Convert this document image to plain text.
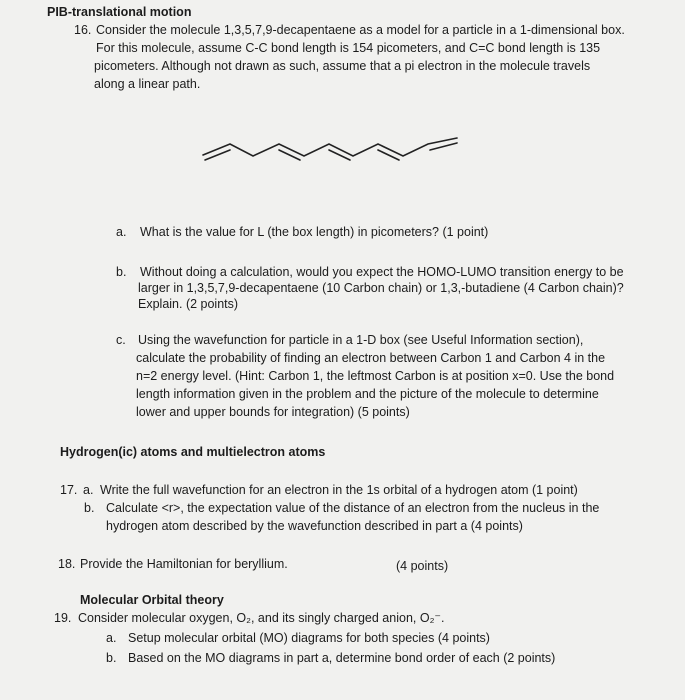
PIB-translational motion
16. Consider the molecule 1,3,5,7,9-decapentaene as a model for a particle in a 1-dimensional box.
For this molecule, assume C-C bond length is 154 picometers, and C=C bond length is 135
picometers. Although not drawn as such, assume that a pi electron in the molecule travels
along a linear path.
a. What is the value for L (the box length) in picometers? (1 point)
b. Without doing a calculation, would you expect the HOMO-LUMO transition energy to be
larger in 1,3,5,7,9-decapentaene (10 Carbon chain) or 1,3,-butadiene (4 Carbon chain)?
Explain. (2 points)
c. Using the wavefunction for particle in a 1-D box (see Useful Information section),
calculate the probability of finding an electron between Carbon 1 and Carbon 4 in the
n=2 energy level. (Hint: Carbon 1, the leftmost Carbon is at position x=0. Use the bond
length information given in the problem and the picture of the molecule to determine
lower and upper bounds for integration) (5 points)
Hydrogen(ic) atoms and multielectron atoms
17. a. Write the full wavefunction for an electron in the 1s orbital of a hydrogen atom (1 point)
b. Calculate <r>, the expectation value of the distance of an electron from the nucleus in the
hydrogen atom described by the wavefunction described in part a (4 points)
18. Provide the Hamiltonian for beryllium.	(4 points)
Molecular Orbital theory
19. Consider molecular oxygen, O₂, and its singly charged anion, O₂⁻.
a. Setup molecular orbital (MO) diagrams for both species (4 points)
b. Based on the MO diagrams in part a, determine bond order of each (2 points)
